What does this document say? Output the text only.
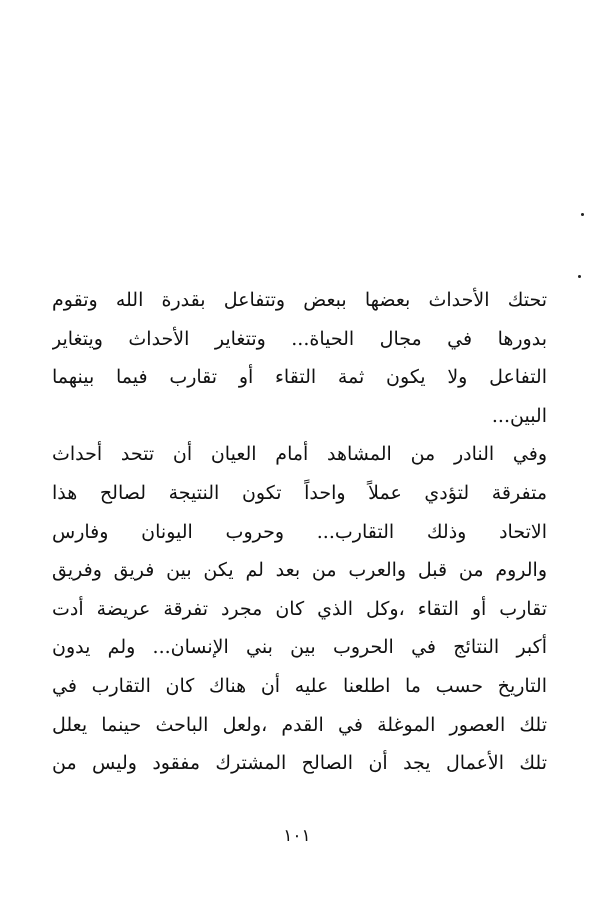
تحتك الأحداث بعضها ببعض وتتفاعل بقدرة الله وتقوم
بدورها في مجال الحياة... وتتغاير الأحداث ويتغاير
التفاعل ولا يكون ثمة التقاء أو تقارب فيما بينهما
البين...
وفي النادر من المشاهد أمام العيان أن تتحد أحداث
متفرقة لتؤدي عملاً واحداً تكون النتيجة لصالح هذا
الاتحاد وذلك التقارب... وحروب اليونان وفارس
والروم من قبل والعرب من بعد لم يكن بين فريق وفريق
تقارب أو التقاء ،وكل الذي كان مجرد تفرقة عريضة أدت
أكبر النتائج في الحروب بين بني الإنسان... ولم يدون
التاريخ حسب ما اطلعنا عليه أن هناك كان التقارب في
تلك العصور الموغلة في القدم ،ولعل الباحث حينما يعلل
تلك الأعمال يجد أن الصالح المشترك مفقود وليس من
١٠١
